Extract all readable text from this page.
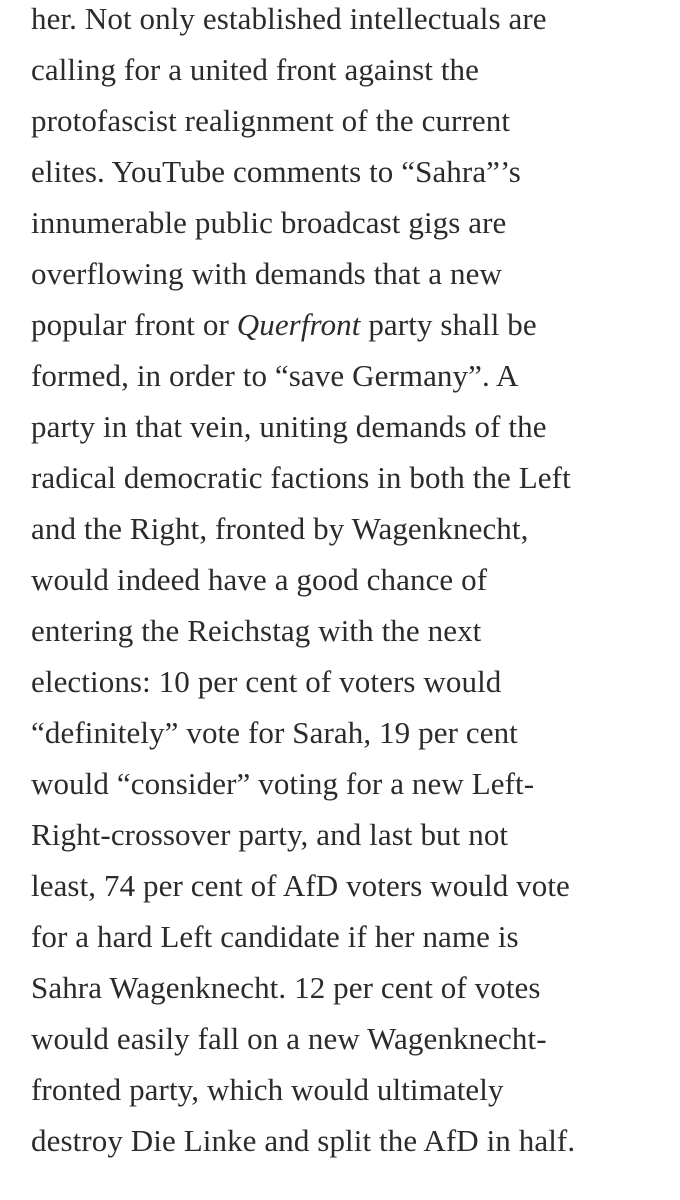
her. Not only established intellectuals are
calling for a united front against the
protofascist realignment of the current
elites. YouTube comments to “Sahra”’s
innumerable public broadcast gigs are
overflowing with demands that a new
popular front or Querfront party shall be
formed, in order to “save Germany”. A
party in that vein, uniting demands of the
radical democratic factions in both the Left
and the Right, fronted by Wagenknecht,
would indeed have a good chance of
entering the Reichstag with the next
elections: 10 per cent of voters would
“definitely” vote for Sarah, 19 per cent
would “consider” voting for a new Left-
Right-crossover party, and last but not
least, 74 per cent of AfD voters would vote
for a hard Left candidate if her name is
Sahra Wagenknecht. 12 per cent of votes
would easily fall on a new Wagenknecht-
fronted party, which would ultimately
destroy Die Linke and split the AfD in half.
